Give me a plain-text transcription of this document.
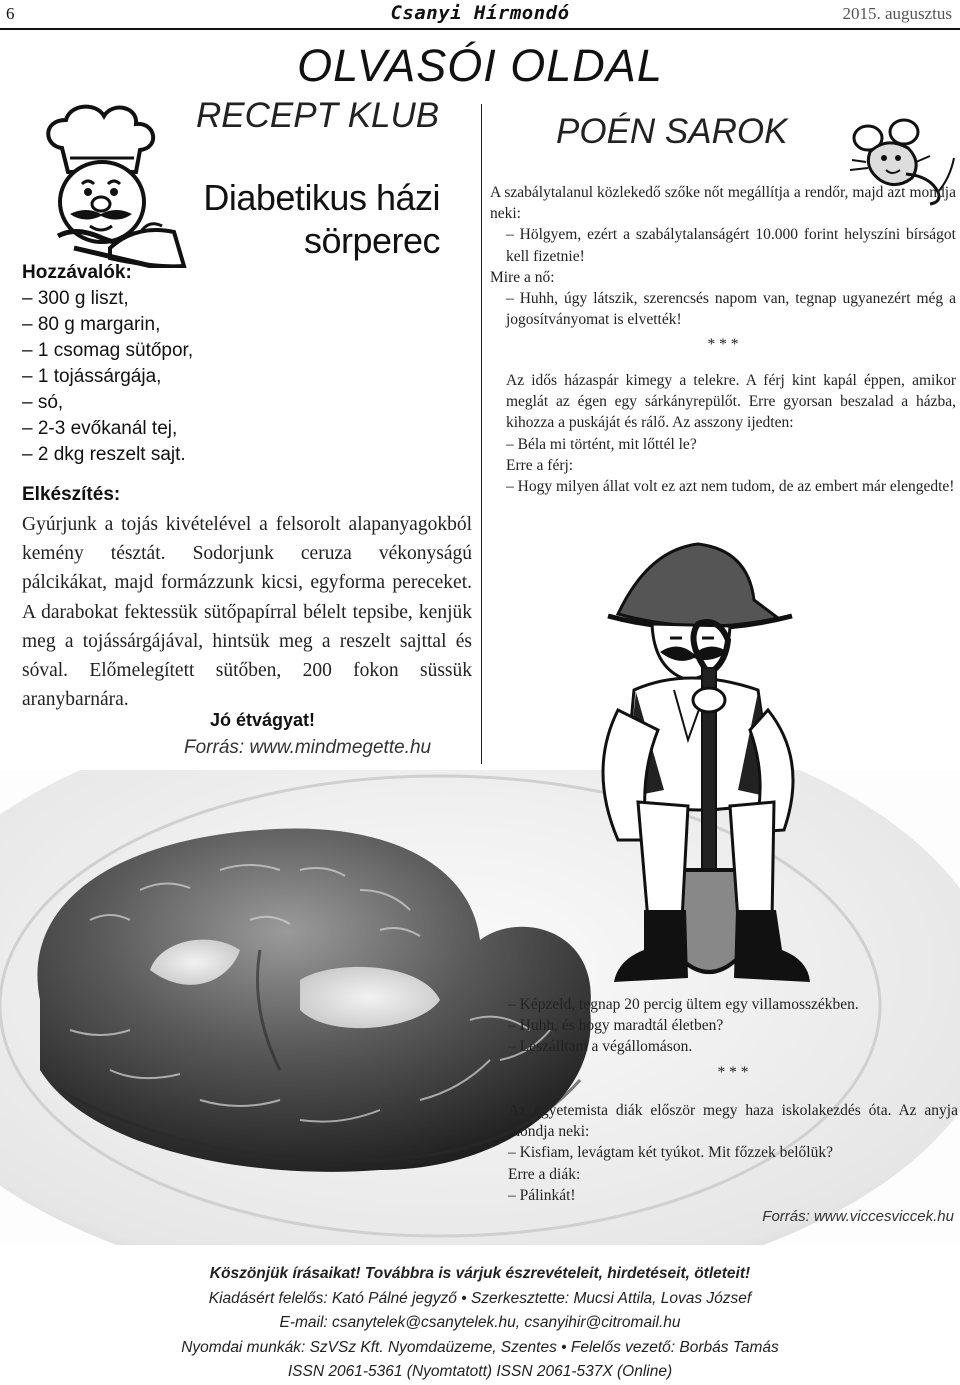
6	Csanyi Hírmondó	2015. augusztus
OLVASÓI OLDAL
RECEPT KLUB
Diabetikus házi
sörperec
Hozzávalók:
– 300 g liszt,
– 80 g margarin,
– 1 csomag sütőpor,
– 1 tojássárgája,
– só,
– 2-3 evőkanál tej,
– 2 dkg reszelt sajt.
Elkészítés:
Gyúrjunk a tojás kivételével a felsorolt alapanyagokból kemény tésztát. Sodorjunk ceruza vékonyságú pálcikákat, majd formázzunk kicsi, egyforma pereceket. A darabokat fektessük sütőpapírral bélelt tepsibe, kenjük meg a tojássárgájával, hintsük meg a reszelt sajttal és sóval. Előmelegített sütőben, 200 fokon süssük aranybarnára.
Jó étvágyat!
Forrás: www.mindmegette.hu
POÉN SAROK

A szabálytalanul közlekedő szőke nőt megállítja a rendőr, majd azt mondja neki:

– Hölgyem, ezért a szabálytalanságért 10.000 forint helyszíni bírságot kell fizetnie!

Mire a nő:

– Huhh, úgy látszik, szerencsés napom van, tegnap ugyanezért még a jogosítványomat is elvették!

* * *

Az idős házaspár kimegy a telekre. A férj kint kapál éppen, amikor meglát az égen egy sárkányrepülőt. Erre gyorsan beszalad a házba, kihozza a puskáját és rálő. Az asszony ijedten:

– Béla mi történt, mit lőttél le?

Erre a férj:

– Hogy milyen állat volt ez azt nem tudom, de az embert már elengedte!

– Képzeld, tegnap 20 percig ültem egy villamosszékben.

– Huhh, és hogy maradtál életben?

– Leszálltam a végállomáson.

* * *

Az egyetemista diák először megy haza iskolakezdés óta. Az anyja mondja neki:

– Kisfiam, levágtam két tyúkot. Mit főzzek belőlük?

Erre a diák:

– Pálinkát!

Forrás: www.viccesviccek.hu
Köszönjük írásaikat! Továbbra is várjuk észrevételeit, hirdetéseit, ötleteit!
Kiadásért felelős: Kató Pálné jegyző • Szerkesztette: Mucsi Attila, Lovas József
E-mail: csanytelek@csanytelek.hu, csanyihir@citromail.hu
Nyomdai munkák: SzVSz Kft. Nyomdaüzeme, Szentes • Felelős vezető: Borbás Tamás
ISSN 2061-5361 (Nyomtatott) ISSN 2061-537X (Online)
